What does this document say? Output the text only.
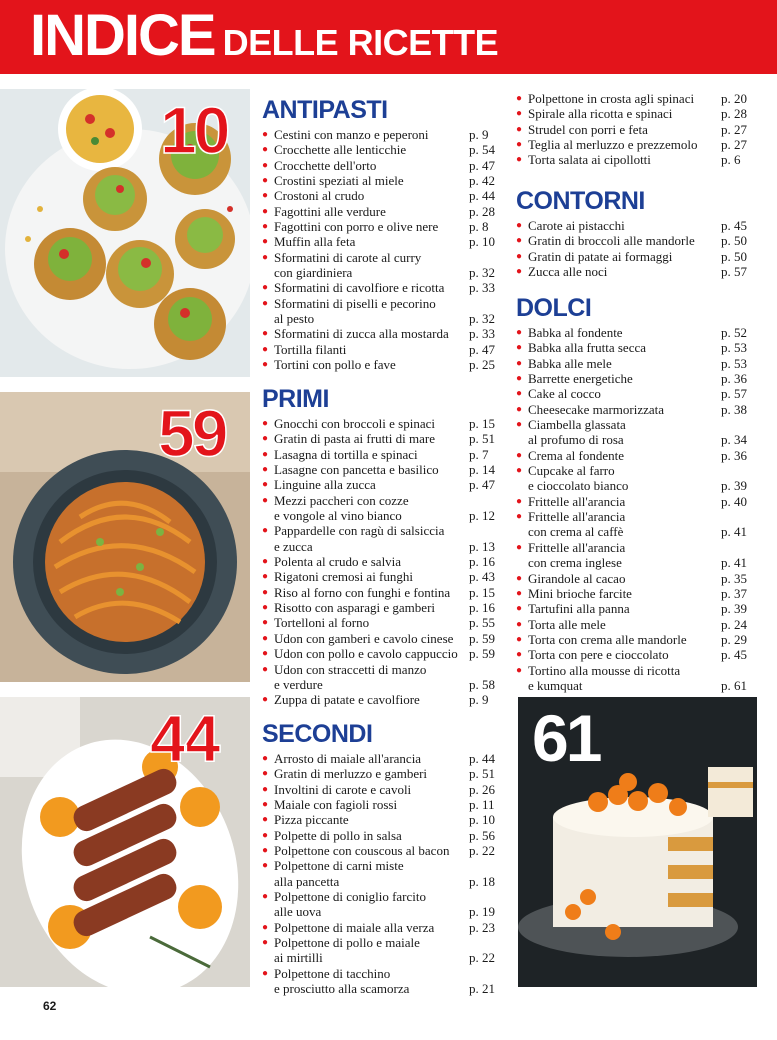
INDICE DELLE RICETTE
10
59
44	61
ANTIPASTI
● Cestini con manzo e peperoni	p. 9
● Crocchette alle lenticchie	p. 54
● Crocchette dell'orto	p. 47
● Crostini speziati al miele	p. 42
● Crostoni al crudo	p. 44
● Fagottini alle verdure	p. 28
● Fagottini con porro e olive nere p. 8
● Muffin alla feta	p. 10
● Sformatini di carote al curry
con giardiniera	p. 32
● Sformatini di cavolfiore e ricotta p. 33
● Sformatini di piselli e pecorino
al pesto	p. 32
● Sformatini di zucca alla mostarda p. 33
● Tortilla filanti	p. 47
● Tortini con pollo e fave	p. 25
PRIMI
● Gnocchi con broccoli e spinaci	p. 15
● Gratin di pasta ai frutti di mare	p. 51
● Lasagna di tortilla e spinaci	p. 7
● Lasagne con pancetta e basilico p. 14
● Linguine alla zucca	p. 47
● Mezzi paccheri con cozze
e vongole al vino bianco	p. 12
● Pappardelle con ragù di salsiccia
e zucca	p. 13
● Polenta al crudo e salvia	p. 16
● Rigatoni cremosi ai funghi	p. 43
● Riso al forno con funghi e fontina p. 15
● Risotto con asparagi e gamberi	p. 16
● Tortelloni al forno	p. 55
● Udon con gamberi e cavolo cinese p. 59
● Udon con pollo e cavolo cappuccio p. 59
● Udon con straccetti di manzo
e verdure	p. 58
● Zuppa di patate e cavolfiore	p. 9
SECONDI
● Arrosto di maiale all'arancia	p. 44
● Gratin di merluzzo e gamberi	p. 51
● Involtini di carote e cavoli	p. 26
● Maiale con fagioli rossi	p. 11
● Pizza piccante	p. 10
● Polpette di pollo in salsa	p. 56
● Polpettone con couscous al bacon p. 22
● Polpettone di carni miste
alla pancetta	p. 18
● Polpettone di coniglio farcito
alle uova	p. 19
● Polpettone di maiale alla verza	p. 23
● Polpettone di pollo e maiale
ai mirtilli	p. 22
● Polpettone di tacchino
e prosciutto alla scamorza	p. 21
● Polpettone in crosta agli spinaci p. 20
● Spirale alla ricotta e spinaci	p. 28
● Strudel con porri e feta	p. 27
● Teglia al merluzzo e prezzemolo p. 27
● Torta salata ai cipollotti	p. 6
CONTORNI
● Carote ai pistacchi	p. 45
● Gratin di broccoli alle mandorle p. 50
● Gratin di patate ai formaggi	p. 50
● Zucca alle noci	p. 57
DOLCI
● Babka al fondente	p. 52
● Babka alla frutta secca	p. 53
● Babka alle mele	p. 53
● Barrette energetiche	p. 36
● Cake al cocco	p. 57
● Cheesecake marmorizzata	p. 38
● Ciambella glassata
al profumo di rosa	p. 34
● Crema al fondente	p. 36
● Cupcake al farro
e cioccolato bianco	p. 39
● Frittelle all'arancia	p. 40
● Frittelle all'arancia
con crema al caffè	p. 41
● Frittelle all'arancia
con crema inglese	p. 41
● Girandole al cacao	p. 35
● Mini brioche farcite	p. 37
● Tartufini alla panna	p. 39
● Torta alle mele	p. 24
● Torta con crema alle mandorle	p. 29
● Torta con pere e cioccolato	p. 45
● Tortino alla mousse di ricotta
e kumquat	p. 61
62
